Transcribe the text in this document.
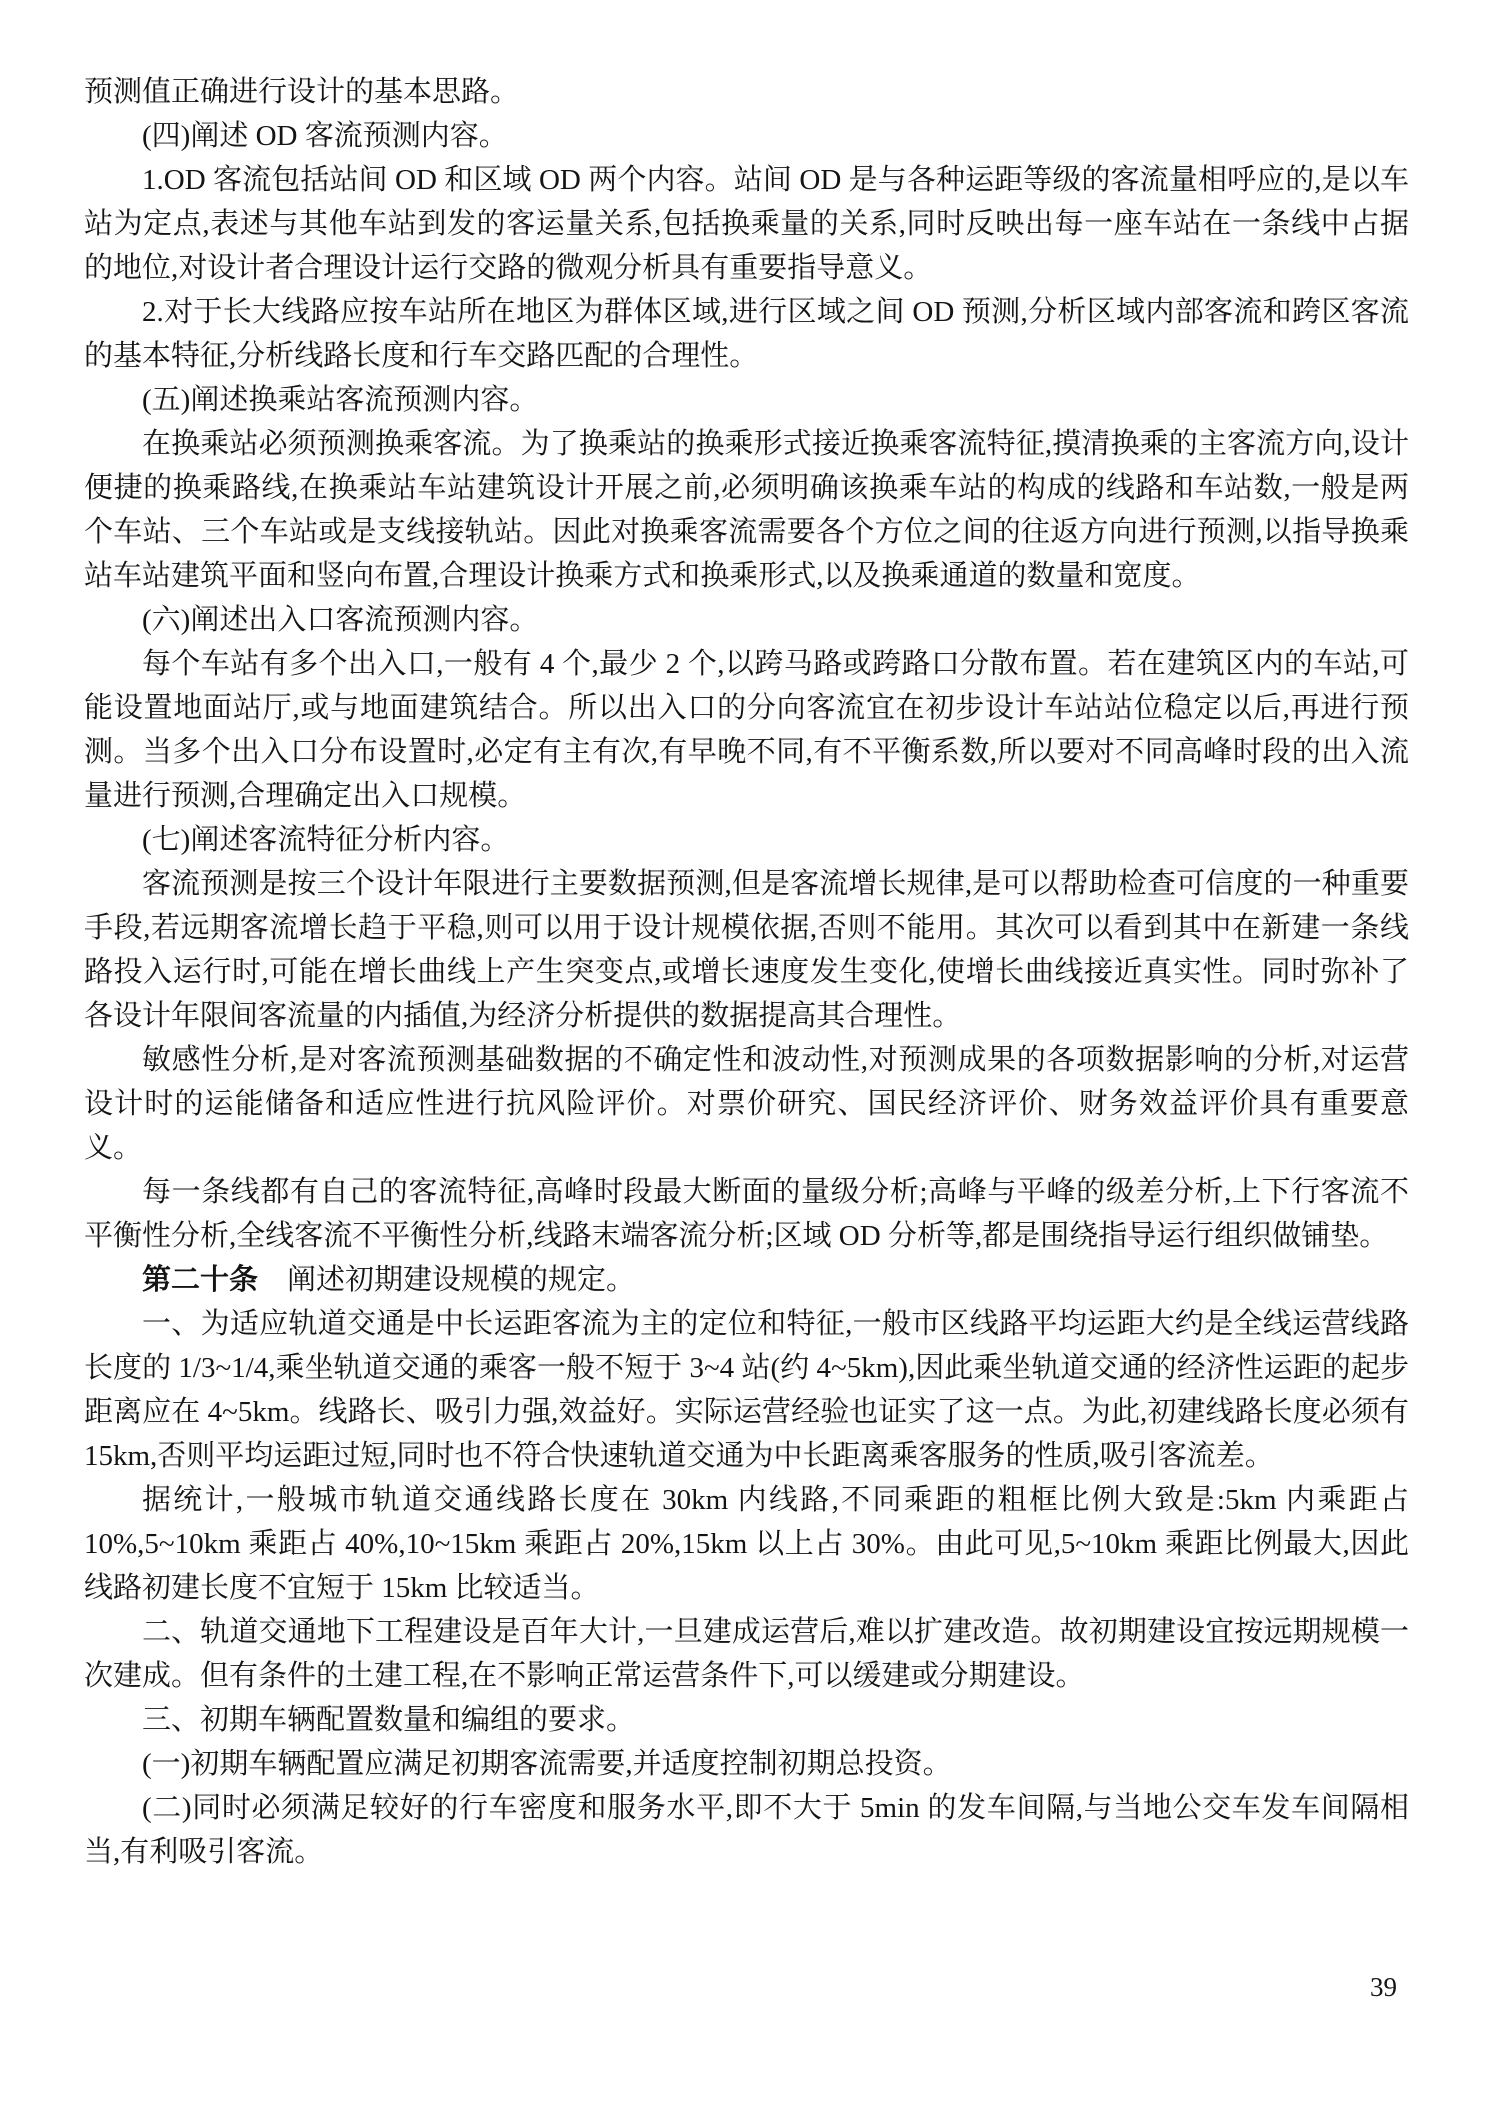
预测值正确进行设计的基本思路。

(四)阐述 OD 客流预测内容。

1.OD 客流包括站间 OD 和区域 OD 两个内容。站间 OD 是与各种运距等级的客流量相呼应的,是以车站为定点,表述与其他车站到发的客运量关系,包括换乘量的关系,同时反映出每一座车站在一条线中占据的地位,对设计者合理设计运行交路的微观分析具有重要指导意义。

2.对于长大线路应按车站所在地区为群体区域,进行区域之间 OD 预测,分析区域内部客流和跨区客流的基本特征,分析线路长度和行车交路匹配的合理性。

(五)阐述换乘站客流预测内容。

在换乘站必须预测换乘客流。为了换乘站的换乘形式接近换乘客流特征,摸清换乘的主客流方向,设计便捷的换乘路线,在换乘站车站建筑设计开展之前,必须明确该换乘车站的构成的线路和车站数,一般是两个车站、三个车站或是支线接轨站。因此对换乘客流需要各个方位之间的往返方向进行预测,以指导换乘站车站建筑平面和竖向布置,合理设计换乘方式和换乘形式,以及换乘通道的数量和宽度。

(六)阐述出入口客流预测内容。

每个车站有多个出入口,一般有 4 个,最少 2 个,以跨马路或跨路口分散布置。若在建筑区内的车站,可能设置地面站厅,或与地面建筑结合。所以出入口的分向客流宜在初步设计车站站位稳定以后,再进行预测。当多个出入口分布设置时,必定有主有次,有早晚不同,有不平衡系数,所以要对不同高峰时段的出入流量进行预测,合理确定出入口规模。

(七)阐述客流特征分析内容。

客流预测是按三个设计年限进行主要数据预测,但是客流增长规律,是可以帮助检查可信度的一种重要手段,若远期客流增长趋于平稳,则可以用于设计规模依据,否则不能用。其次可以看到其中在新建一条线路投入运行时,可能在增长曲线上产生突变点,或增长速度发生变化,使增长曲线接近真实性。同时弥补了各设计年限间客流量的内插值,为经济分析提供的数据提高其合理性。

敏感性分析,是对客流预测基础数据的不确定性和波动性,对预测成果的各项数据影响的分析,对运营设计时的运能储备和适应性进行抗风险评价。对票价研究、国民经济评价、财务效益评价具有重要意义。

每一条线都有自己的客流特征,高峰时段最大断面的量级分析;高峰与平峰的级差分析,上下行客流不平衡性分析,全线客流不平衡性分析,线路末端客流分析;区域 OD 分析等,都是围绕指导运行组织做铺垫。

第二十条　阐述初期建设规模的规定。

一、为适应轨道交通是中长运距客流为主的定位和特征,一般市区线路平均运距大约是全线运营线路长度的 1/3~1/4,乘坐轨道交通的乘客一般不短于 3~4 站(约 4~5km),因此乘坐轨道交通的经济性运距的起步距离应在 4~5km。线路长、吸引力强,效益好。实际运营经验也证实了这一点。为此,初建线路长度必须有 15km,否则平均运距过短,同时也不符合快速轨道交通为中长距离乘客服务的性质,吸引客流差。

据统计,一般城市轨道交通线路长度在 30km 内线路,不同乘距的粗框比例大致是:5km 内乘距占 10%,5~10km 乘距占 40%,10~15km 乘距占 20%,15km 以上占 30%。由此可见,5~10km 乘距比例最大,因此线路初建长度不宜短于 15km 比较适当。

二、轨道交通地下工程建设是百年大计,一旦建成运营后,难以扩建改造。故初期建设宜按远期规模一次建成。但有条件的土建工程,在不影响正常运营条件下,可以缓建或分期建设。

三、初期车辆配置数量和编组的要求。

(一)初期车辆配置应满足初期客流需要,并适度控制初期总投资。

(二)同时必须满足较好的行车密度和服务水平,即不大于 5min 的发车间隔,与当地公交车发车间隔相当,有利吸引客流。

39
